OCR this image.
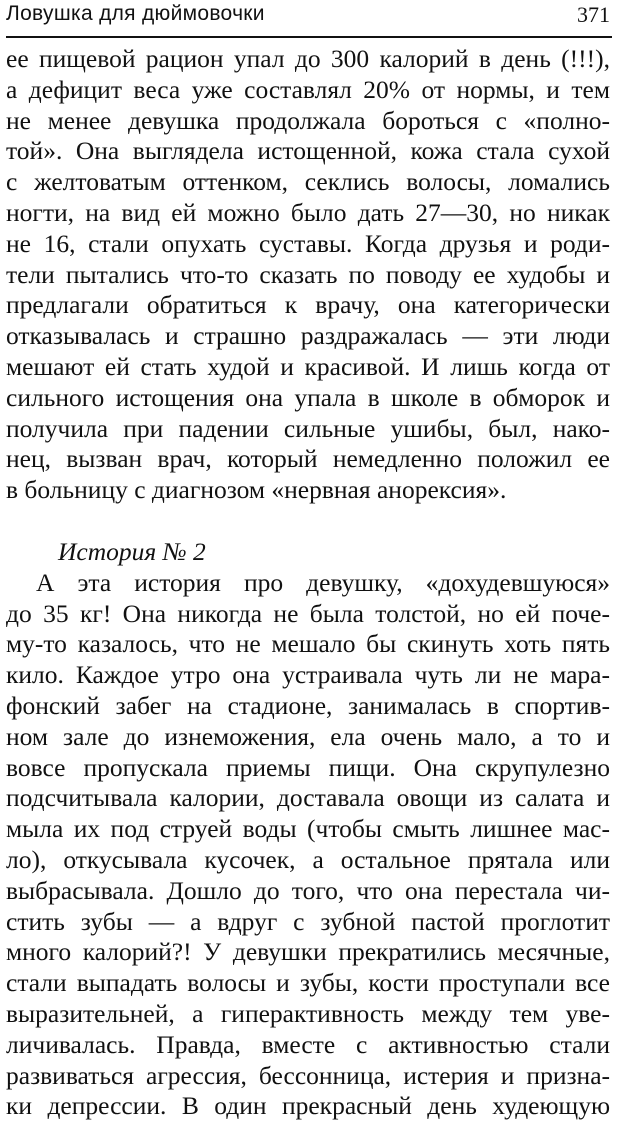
Ловушка для дюймовочки	371
ее пищевой рацион упал до 300 калорий в день (!!!),
а дефицит веса уже составлял 20% от нормы, и тем
не менее девушка продолжала бороться с «полно-
той». Она выглядела истощенной, кожа стала сухой
с желтоватым оттенком, секлись волосы, ломались
ногти, на вид ей можно было дать 27—30, но никак
не 16, стали опухать суставы. Когда друзья и роди-
тели пытались что-то сказать по поводу ее худобы и
предлагали обратиться к врачу, она категорически
отказывалась и страшно раздражалась — эти люди
мешают ей стать худой и красивой. И лишь когда от
сильного истощения она упала в школе в обморок и
получила при падении сильные ушибы, был, нако-
нец, вызван врач, который немедленно положил ее
в больницу с диагнозом «нервная анорексия».
История № 2
А эта история про девушку, «дохудевшуюся»
до 35 кг! Она никогда не была толстой, но ей поче-
му-то казалось, что не мешало бы скинуть хоть пять
кило. Каждое утро она устраивала чуть ли не мара-
фонский забег на стадионе, занималась в спортив-
ном зале до изнеможения, ела очень мало, а то и
вовсе пропускала приемы пищи. Она скрупулезно
подсчитывала калории, доставала овощи из салата и
мыла их под струей воды (чтобы смыть лишнее мас-
ло), откусывала кусочек, а остальное прятала или
выбрасывала. Дошло до того, что она перестала чи-
стить зубы — а вдруг с зубной пастой проглотит
много калорий?! У девушки прекратились месячные,
стали выпадать волосы и зубы, кости проступали все
выразительней, а гиперактивность между тем уве-
личивалась. Правда, вместе с активностью стали
развиваться агрессия, бессонница, истерия и призна-
ки депрессии. В один прекрасный день худеющую
